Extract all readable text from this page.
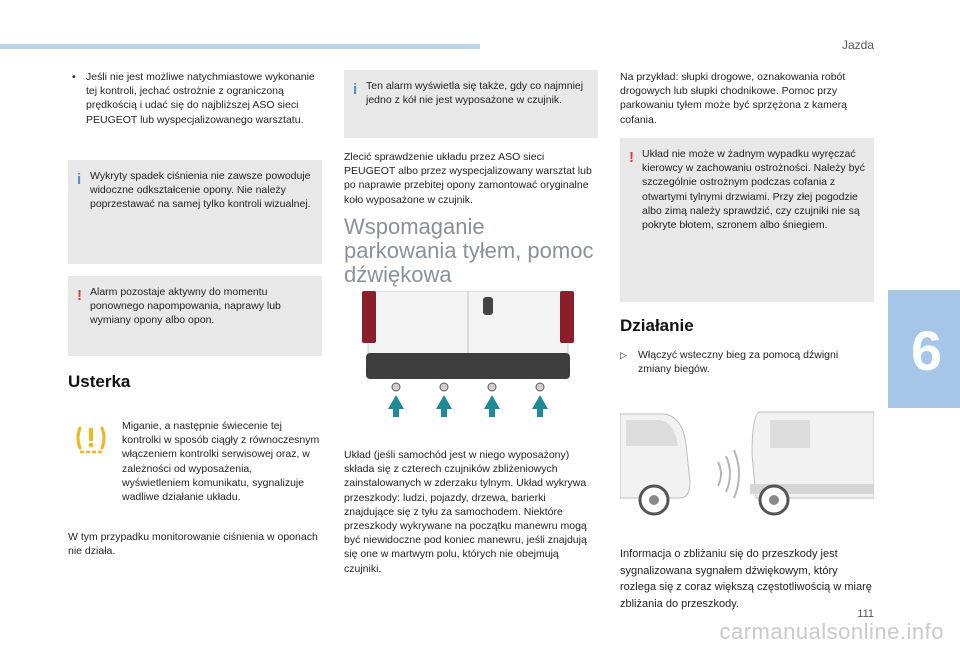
Jazda
6
111
carmanualsonline.info
• Jeśli nie jest możliwe natychmiastowe wykonanie tej kontroli, jechać ostrożnie z ograniczoną prędkością i udać się do najbliższej ASO sieci PEUGEOT lub wyspecjalizowanego warsztatu.
i Wykryty spadek ciśnienia nie zawsze powoduje widoczne odkształcenie opony. Nie należy poprzestawać na samej tylko kontroli wizualnej.
! Alarm pozostaje aktywny do momentu ponownego napompowania, naprawy lub wymiany opony albo opon.
Usterka
Miganie, a następnie świecenie tej kontrolki w sposób ciągły z równoczesnym włączeniem kontrolki serwisowej oraz, w zależności od wyposażenia, wyświetleniem komunikatu, sygnalizuje wadliwe działanie układu.
W tym przypadku monitorowanie ciśnienia w oponach nie działa.
i Ten alarm wyświetla się także, gdy co najmniej jedno z kół nie jest wyposażone w czujnik.
Zlecić sprawdzenie układu przez ASO sieci PEUGEOT albo przez wyspecjalizowany warsztat lub po naprawie przebitej opony zamontować oryginalne koło wyposażone w czujnik.
Wspomaganie parkowania tyłem, pomoc dźwiękowa
Układ (jeśli samochód jest w niego wyposażony) składa się z czterech czujników zbliżeniowych zainstalowanych w zderzaku tylnym. Układ wykrywa przeszkody: ludzi, pojazdy, drzewa, barierki znajdujące się z tyłu za samochodem. Niektóre przeszkody wykrywane na początku manewru mogą być niewidoczne pod koniec manewru, jeśli znajdują się one w martwym polu, których nie obejmują czujniki.
Na przykład: słupki drogowe, oznakowania robót drogowych lub słupki chodnikowe. Pomoc przy parkowaniu tyłem może być sprzężona z kamerą cofania.
! Układ nie może w żadnym wypadku wyręczać kierowcy w zachowaniu ostrożności. Należy być szczególnie ostrożnym podczas cofania z otwartymi tylnymi drzwiami. Przy złej pogodzie albo zimą należy sprawdzić, czy czujniki nie są pokryte błotem, szronem albo śniegiem.
Działanie
▷ Włączyć wsteczny bieg za pomocą dźwigni zmiany biegów.
Informacja o zbliżaniu się do przeszkody jest sygnalizowana sygnałem dźwiękowym, który rozlega się z coraz większą częstotliwością w miarę zbliżania do przeszkody.
